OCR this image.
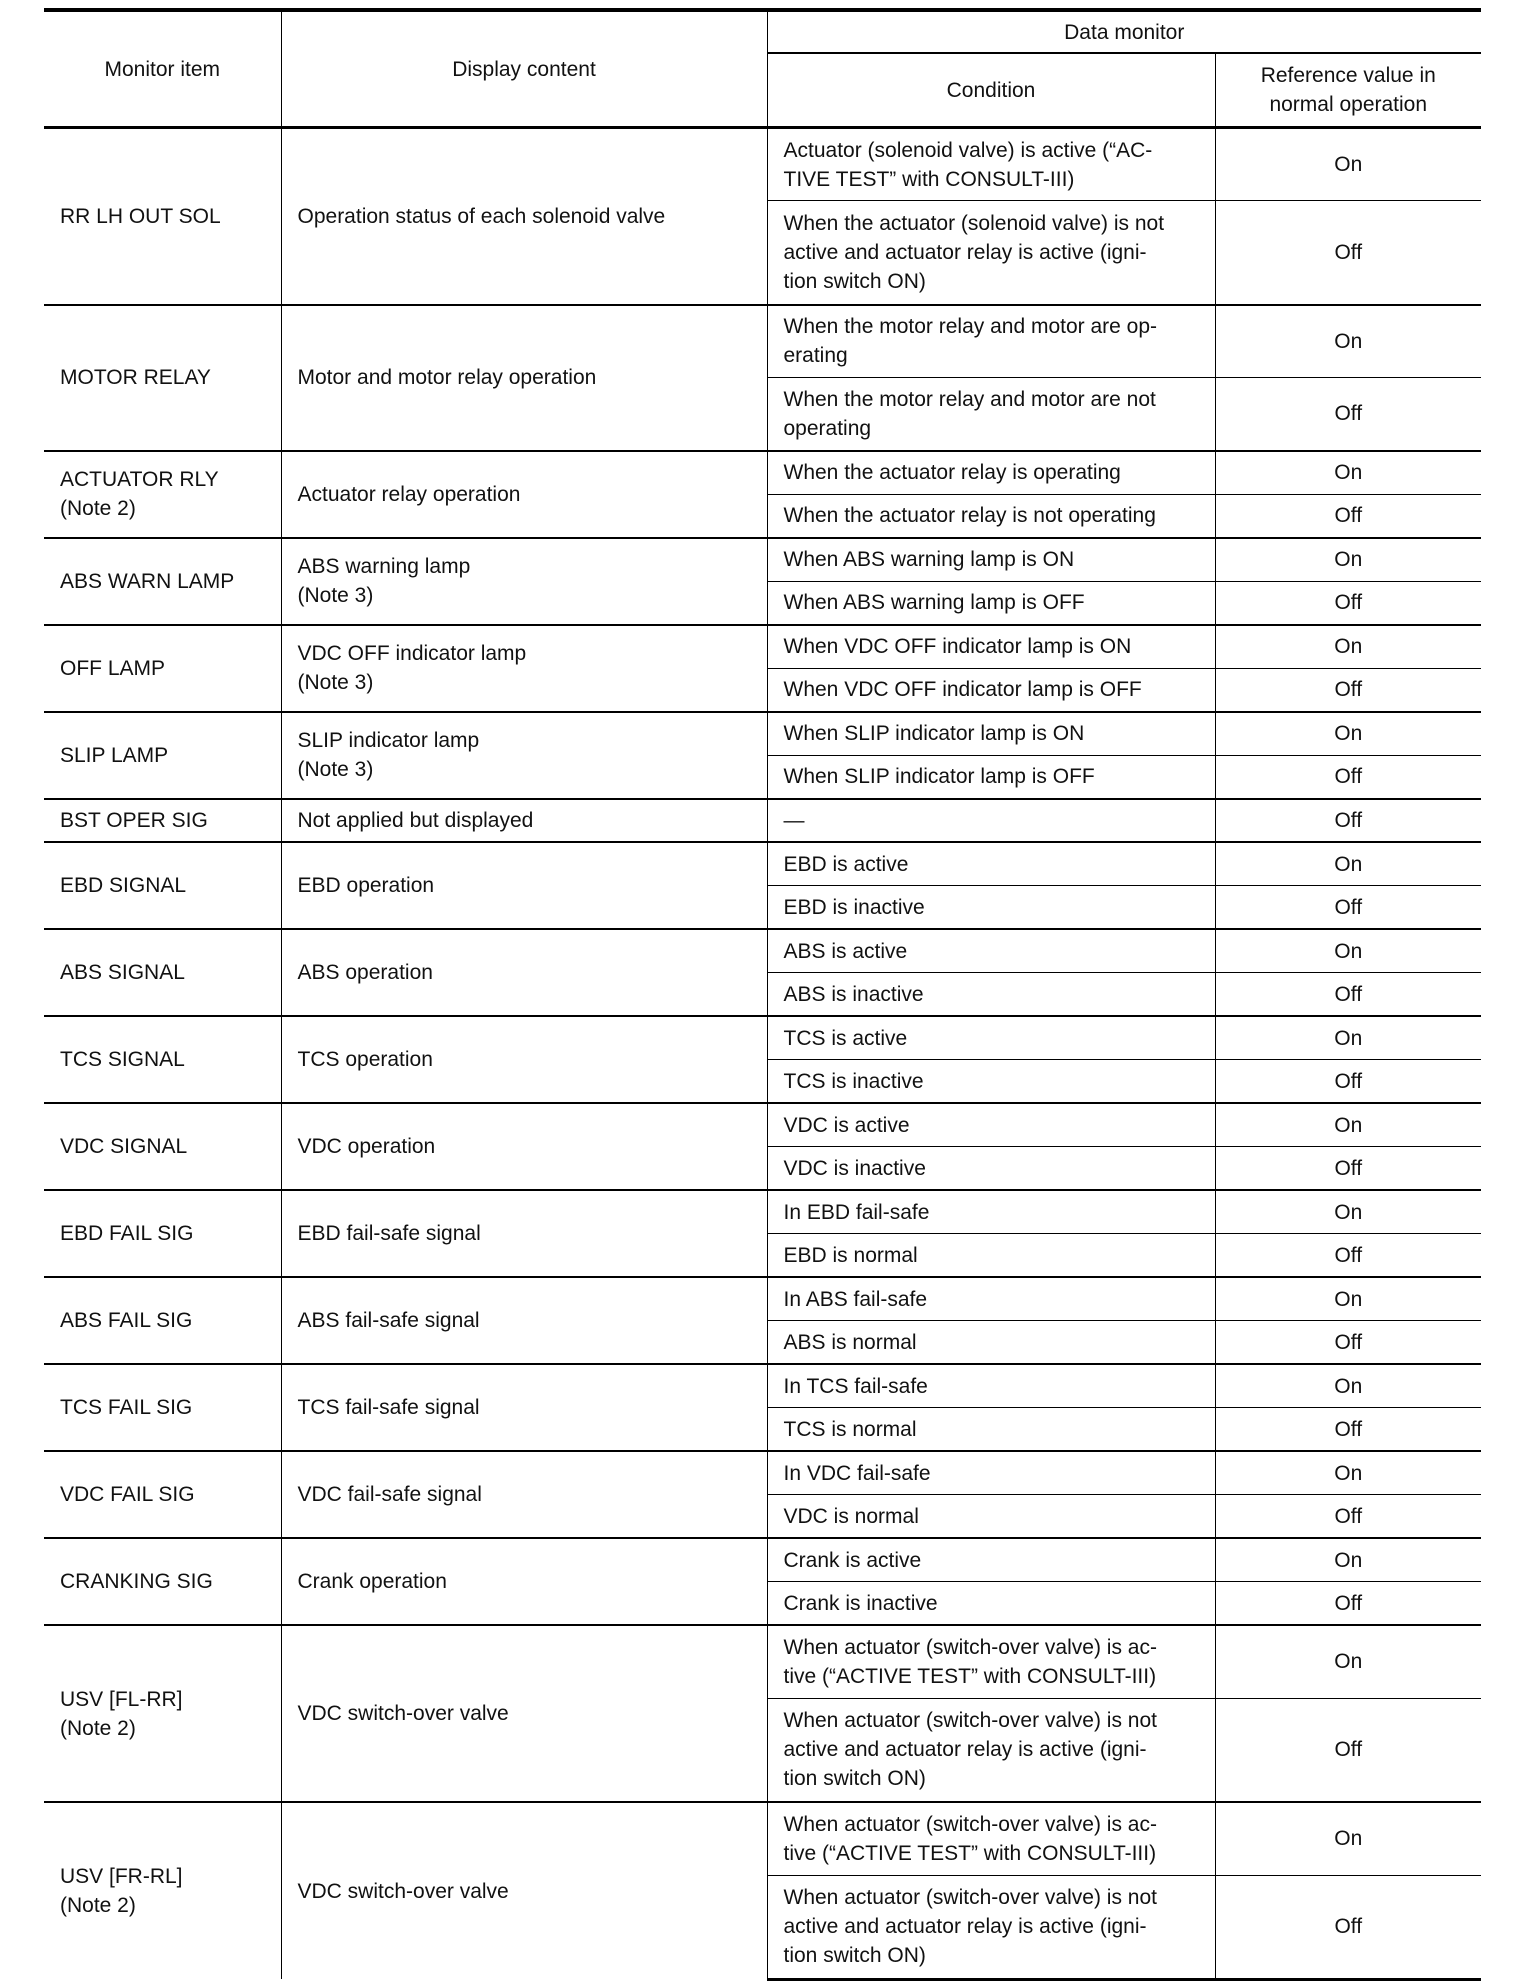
Monitor item	Display content	Data monitor	
		Condition	Reference value in
normal operation
RR LH OUT SOL	Operation status of each solenoid valve	Actuator (solenoid valve) is active (“AC-
TIVE TEST” with CONSULT-III)	On
		When the actuator (solenoid valve) is not
active and actuator relay is active (igni-
tion switch ON)	Off
MOTOR RELAY	Motor and motor relay operation	When the motor relay and motor are op-
erating	On
		When the motor relay and motor are not
operating	Off
ACTUATOR RLY
(Note 2)	Actuator relay operation	When the actuator relay is operating	On
		When the actuator relay is not operating	Off
ABS WARN LAMP	ABS warning lamp
(Note 3)	When ABS warning lamp is ON	On
		When ABS warning lamp is OFF	Off
OFF LAMP	VDC OFF indicator lamp
(Note 3)	When VDC OFF indicator lamp is ON	On
		When VDC OFF indicator lamp is OFF	Off
SLIP LAMP	SLIP indicator lamp
(Note 3)	When SLIP indicator lamp is ON	On
		When SLIP indicator lamp is OFF	Off
BST OPER SIG	Not applied but displayed	—	Off
EBD SIGNAL	EBD operation	EBD is active	On
		EBD is inactive	Off
ABS SIGNAL	ABS operation	ABS is active	On
		ABS is inactive	Off
TCS SIGNAL	TCS operation	TCS is active	On
		TCS is inactive	Off
VDC SIGNAL	VDC operation	VDC is active	On
		VDC is inactive	Off
EBD FAIL SIG	EBD fail-safe signal	In EBD fail-safe	On
		EBD is normal	Off
ABS FAIL SIG	ABS fail-safe signal	In ABS fail-safe	On
		ABS is normal	Off
TCS FAIL SIG	TCS fail-safe signal	In TCS fail-safe	On
		TCS is normal	Off
VDC FAIL SIG	VDC fail-safe signal	In VDC fail-safe	On
		VDC is normal	Off
CRANKING SIG	Crank operation	Crank is active	On
		Crank is inactive	Off
USV [FL-RR]
(Note 2)	VDC switch-over valve	When actuator (switch-over valve) is ac-
tive (“ACTIVE TEST” with CONSULT-III)	On
		When actuator (switch-over valve) is not
active and actuator relay is active (igni-
tion switch ON)	Off
USV [FR-RL]
(Note 2)	VDC switch-over valve	When actuator (switch-over valve) is ac-
tive (“ACTIVE TEST” with CONSULT-III)	On
		When actuator (switch-over valve) is not
active and actuator relay is active (igni-
tion switch ON)	Off
